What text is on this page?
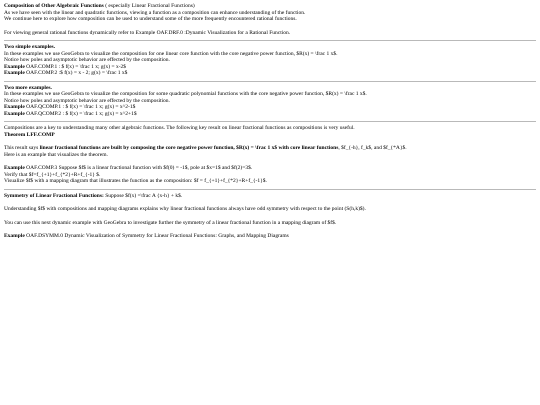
Composition of Other Algebraic Functions ( especially Linear Fractional Functions)
As we have seen with the linear and quadratic functions, viewing a function as a composition can enhance understanding of the function.
We continue here to explore how composition can be used to understand some of the more frequently encountered rational functions.
For viewing general rational functions dynamically refer to Example OAF.DRF.0 :Dynamic Visualization for a Rational Function.
Two simple examples.
In these examples we use GeoGebra to visualize the composition for one linear core function with the core negative power function, $R(x) = \frac 1 x$.
Notice how poles and asymptotic behavior are effected by the composition.
Example OAF.COMP.1 : $ f(x) = \frac 1 x; g(x) = x-2$
Example OAF.COMP.2 :$ f(x) = x - 2; g(x) = \frac 1 x$
Two more examples.
In these examples we use GeoGebra to visualize the composition for some quadratic polynomial functions with the core negative power function, $R(x) = \frac 1 x$.
Notice how poles and asymptotic behavior are effected by the composition.
Example OAF.QCOMP.1 : $ f(x) = \frac 1 x; g(x) = x^2-1$
Example OAF.QCOMP.2 : $ f(x) = \frac 1 x; g(x) = x^2+1$
Compositions are a key to understanding many other algebraic functions. The following key result on linear fractional functions as compositions is very useful.
Theorem LFF.COMP
This result says linear fractional functions are built by composing the core negative power function, $R(x) = \frac 1 x$ with core linear functions, $f_{-h}, f_k$, and $f_{*A}$.
Here is an example that visualizes the theorem.
Example OAF.COMP.3 Suppose $f$ is a linear fractional function with $f(0) = -1$, pole at $x=1$ and $f(2)=3$.
Verify that $f=f_{+1}+f_{*2}+R+f_{-1} $.
Visualize $f$ with a mapping diagram that illustrates the function as the composition: $f = f_{+1}+f_{*2}+R+f_{-1}$.
Symmetry of Linear Fractional Functions: Suppose $f(x) =\frac A {x-h} + k$.
Understanding $f$ with compositions and mapping diagrams explains why linear fractional functions always have odd symmetry with respect to the point (S(h,k)$).
You can use this next dynamic example with GeoGebra to investigate further the symmetry of a linear fractional function in a mapping diagram of $f$.
Example OAF.DSYMM.0 Dynamic Visualization of Symmetry for Linear Fractional Functions: Graphs, and Mapping Diagrams
